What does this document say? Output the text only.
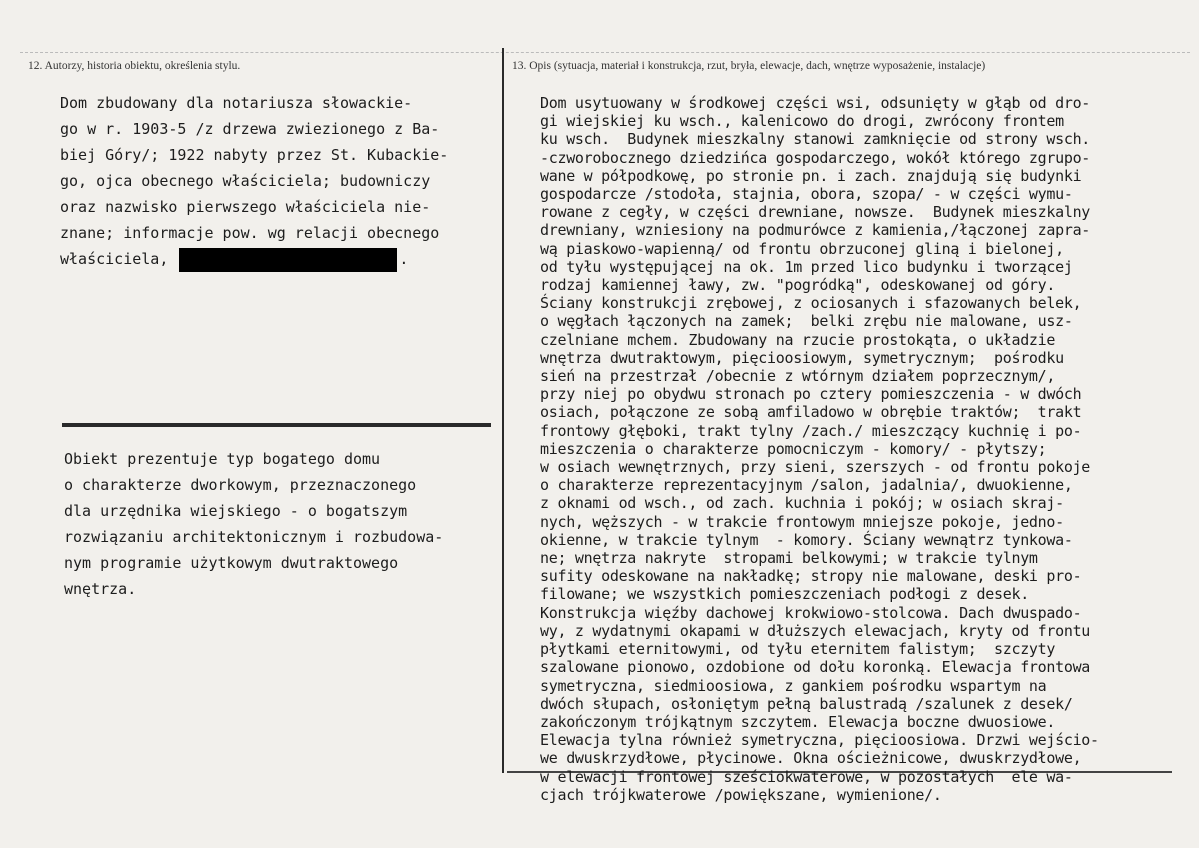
12. Autorzy, historia obiektu, określenia stylu.	13. Opis (sytuacja, materiał i konstrukcja, rzut, bryła, elewacje, dach, wnętrze wyposażenie, instalacje)
Dom zbudowany dla notariusza słowackie-
go w r. 1903-5 /z drzewa zwiezionego z Ba-
biej Góry/; 1922 nabyty przez St. Kubackie-
go, ojca obecnego właściciela; budowniczy
oraz nazwisko pierwszego właściciela nie-
znane; informacje pow. wg relacji obecnego
właściciela,	.
Obiekt prezentuje typ bogatego domu
o charakterze dworkowym, przeznaczonego
dla urzędnika wiejskiego - o bogatszym
rozwiązaniu architektonicznym i rozbudowa-
nym programie użytkowym dwutraktowego
wnętrza.
Dom usytuowany w środkowej części wsi, odsunięty w głąb od dro-
gi wiejskiej ku wsch., kalenicowo do drogi, zwrócony frontem
ku wsch.  Budynek mieszkalny stanowi zamknięcie od strony wsch.
-czworobocznego dziedzińca gospodarczego, wokół którego zgrupo-
wane w półpodkowę, po stronie pn. i zach. znajdują się budynki
gospodarcze /stodoła, stajnia, obora, szopa/ - w części wymu-
rowane z cegły, w części drewniane, nowsze.  Budynek mieszkalny
drewniany, wzniesiony na podmurówce z kamienia,/łączonej zapra-
wą piaskowo-wapienną/ od frontu obrzuconej gliną i bielonej,
od tyłu występującej na ok. 1m przed lico budynku i tworzącej
rodzaj kamiennej ławy, zw. "pogródką", odeskowanej od góry.
Ściany konstrukcji zrębowej, z ociosanych i sfazowanych belek,
o węgłach łączonych na zamek;  belki zrębu nie malowane, usz-
czelniane mchem. Zbudowany na rzucie prostokąta, o układzie
wnętrza dwutraktowym, pięcioosiowym, symetrycznym;  pośrodku
sień na przestrzał /obecnie z wtórnym działem poprzecznym/,
przy niej po obydwu stronach po cztery pomieszczenia - w dwóch
osiach, połączone ze sobą amfiladowo w obrębie traktów;  trakt
frontowy głęboki, trakt tylny /zach./ mieszczący kuchnię i po-
mieszczenia o charakterze pomocniczym - komory/ - płytszy;
w osiach wewnętrznych, przy sieni, szerszych - od frontu pokoje
o charakterze reprezentacyjnym /salon, jadalnia/, dwuokienne,
z oknami od wsch., od zach. kuchnia i pokój; w osiach skraj-
nych, węższych - w trakcie frontowym mniejsze pokoje, jedno-
okienne, w trakcie tylnym  - komory. Ściany wewnątrz tynkowa-
ne; wnętrza nakryte  stropami belkowymi; w trakcie tylnym
sufity odeskowane na nakładkę; stropy nie malowane, deski pro-
filowane; we wszystkich pomieszczeniach podłogi z desek.
Konstrukcja więźby dachowej krokwiowo-stolcowa. Dach dwuspado-
wy, z wydatnymi okapami w dłuższych elewacjach, kryty od frontu
płytkami eternitowymi, od tyłu eternitem falistym;  szczyty
szalowane pionowo, ozdobione od dołu koronką. Elewacja frontowa
symetryczna, siedmioosiowa, z gankiem pośrodku wspartym na
dwóch słupach, osłoniętym pełną balustradą /szalunek z desek/
zakończonym trójkątnym szczytem. Elewacja boczne dwuosiowe.
Elewacja tylna również symetryczna, pięcioosiowa. Drzwi wejścio-
we dwuskrzydłowe, płycinowe. Okna ościeżnicowe, dwuskrzydłowe,
w elewacji frontowej sześciokwaterowe, w pozostałych  ele wa-
cjach trójkwaterowe /powiększane, wymienione/.
